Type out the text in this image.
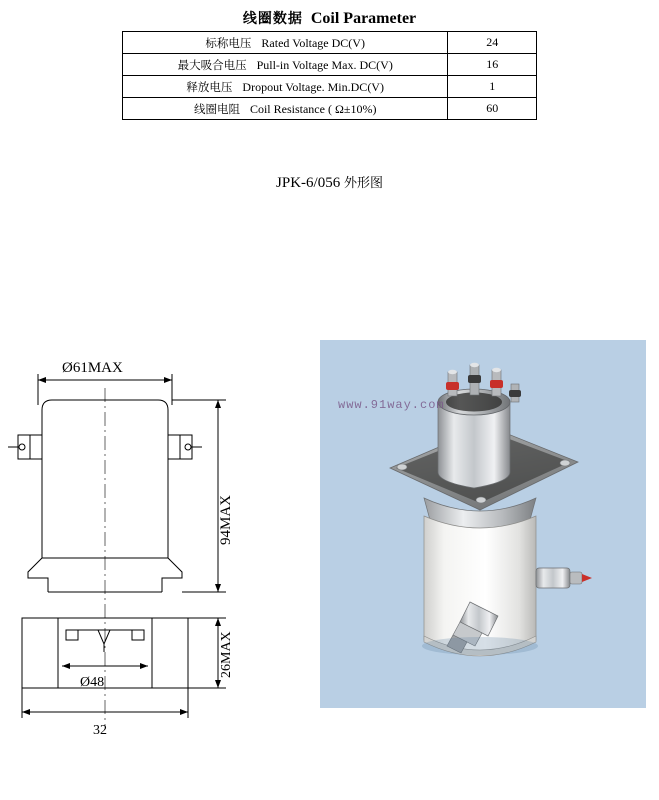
线圈数据 Coil Parameter
标称电压 Rated Voltage DC(V)	24
最大吸合电压 Pull-in Voltage Max. DC(V)	16
释放电压 Dropout Voltage. Min.DC(V)	1
线圈电阻 Coil Resistance ( Ω±10%)	60
JPK-6/056 外形图
Ø61MAX
Ø48
32
94MAX
26MAX
www.91way.com
